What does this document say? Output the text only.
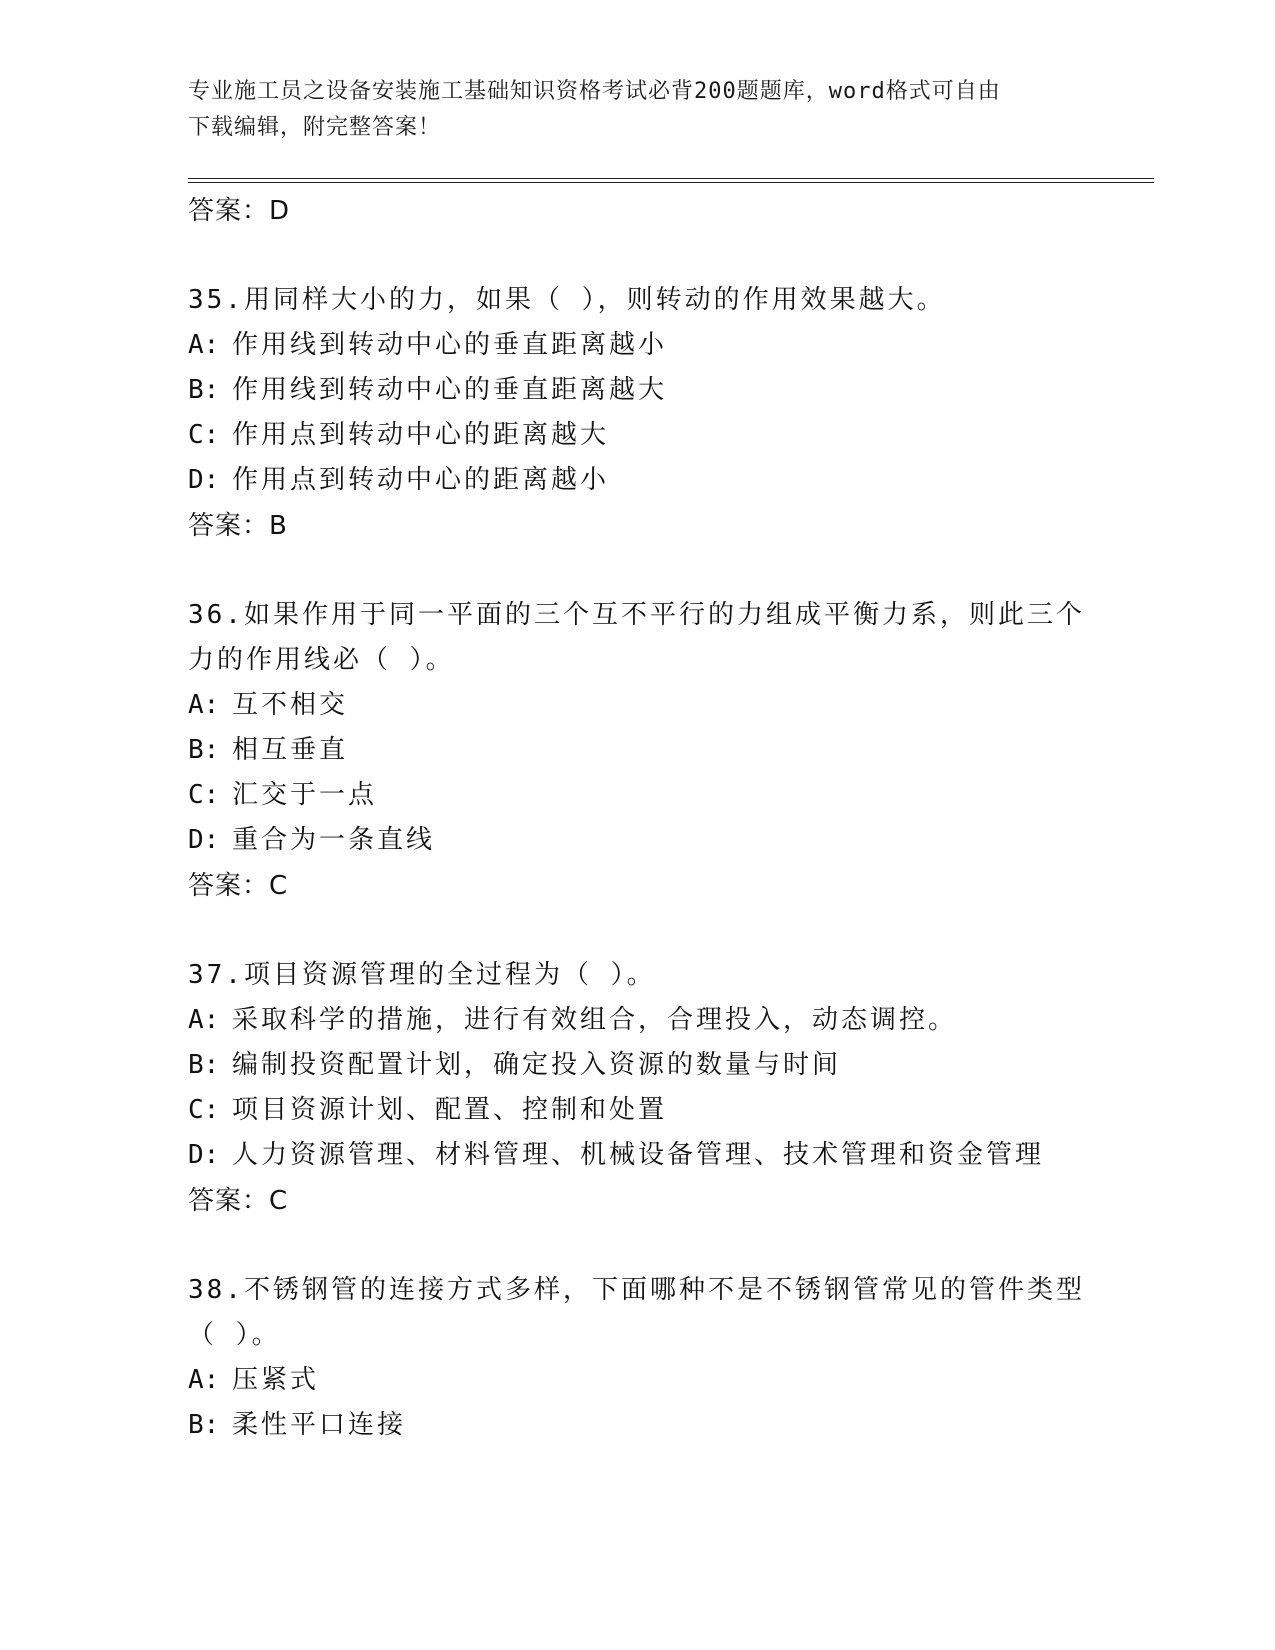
专业施工员之设备安装施工基础知识资格考试必背200题题库，word格式可自由
下载编辑，附完整答案！
答案：D
35.用同样大小的力，如果（ ），则转动的作用效果越大。
A: 作用线到转动中心的垂直距离越小
B: 作用线到转动中心的垂直距离越大
C: 作用点到转动中心的距离越大
D: 作用点到转动中心的距离越小
答案：B
36.如果作用于同一平面的三个互不平行的力组成平衡力系，则此三个
力的作用线必（ ）。
A: 互不相交
B: 相互垂直
C: 汇交于一点
D: 重合为一条直线
答案：C
37.项目资源管理的全过程为（ ）。
A: 采取科学的措施，进行有效组合，合理投入，动态调控。
B: 编制投资配置计划，确定投入资源的数量与时间
C: 项目资源计划、配置、控制和处置
D: 人力资源管理、材料管理、机械设备管理、技术管理和资金管理
答案：C
38.不锈钢管的连接方式多样，下面哪种不是不锈钢管常见的管件类型
（ ）。
A: 压紧式
B: 柔性平口连接
